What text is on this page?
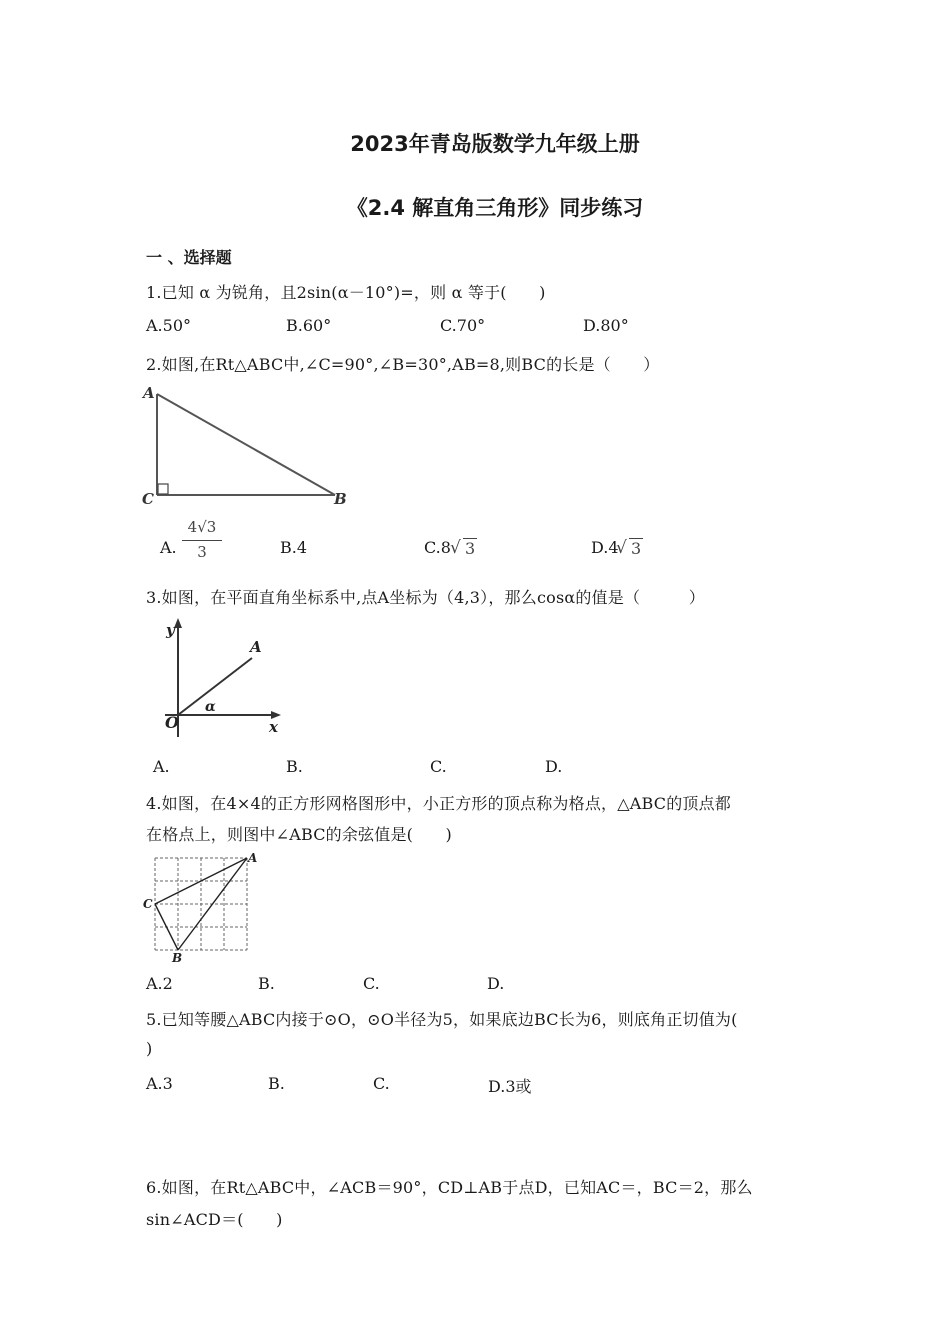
2023年青岛版数学九年级上册
《2.4 解直角三角形》同步练习
一 、选择题
1.已知 α 为锐角，且2sin(α－10°)=，则 α 等于(　　)
A.50°	B.60°	C.70°	D.80°
2.如图,在Rt△ABC中,∠C=90°,∠B=30°,AB=8,则BC的长是（　　）
A
C	B
A.
4√3
3	B.4	C.8 √ 3	D.4
√ 3
3.如图，在平面直角坐标系中,点A坐标为（4,3），那么cosα的值是（　　　）
y
A
O
α
x
A.	B.	C.	D.
4.如图，在4×4的正方形网格图形中，小正方形的顶点称为格点，△ABC的顶点都
在格点上，则图中∠ABC的余弦值是(　　)
A
C
B
A.2	B.	C.	D.
5.已知等腰△ABC内接于⊙O，⊙O半径为5，如果底边BC长为6，则底角正切值为(
)
A.3	B.	C.	D.3或
6.如图，在Rt△ABC中，∠ACB＝90°，CD⊥AB于点D，已知AC＝，BC＝2，那么
sin∠ACD＝(　　)
